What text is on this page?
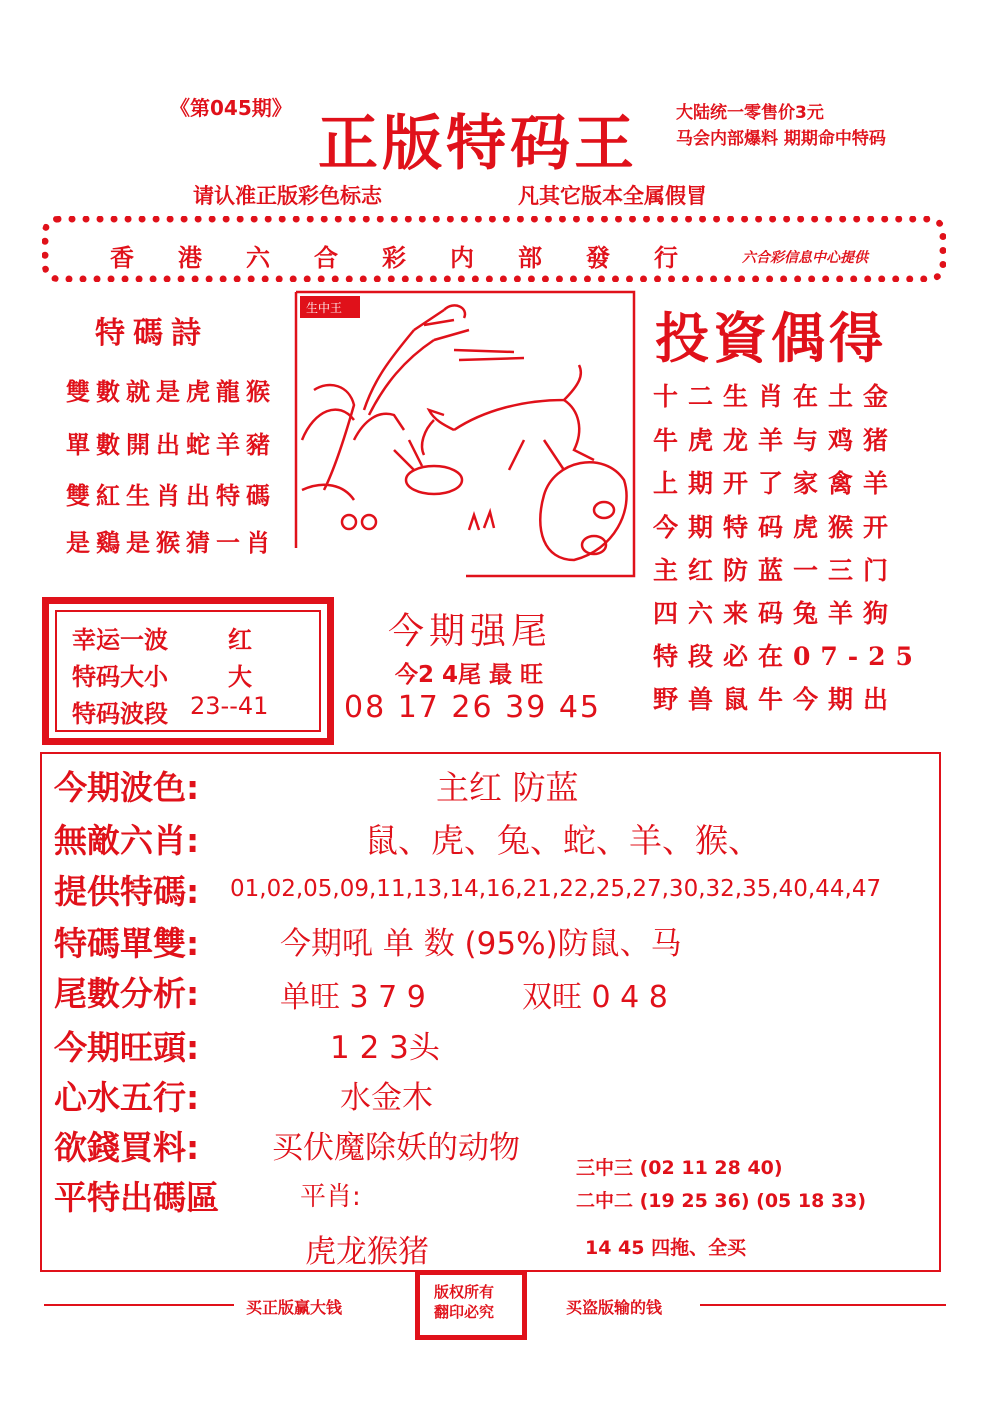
《第045期》
正版特码王 大陆统一零售价3元
马会内部爆料 期期命中特码
请认准正版彩色标志	凡其它版本全属假冒
香港六合彩内部發行 六合彩信息中心提供
特碼詩
雙數就是虎龍猴
單數開出蛇羊豬
雙紅生肖出特碼
是鷄是猴猜一肖
生中王	投資偶得
十二生肖在土金
牛虎龙羊与鸡猪
上期开了家禽羊
今期特码虎猴开
主红防蓝一三门
四六来码兔羊狗
特段必在07-25
野兽鼠牛今期出
幸运一波	红
特码大小	大
特码波段 23--41
今期强尾
今2 4尾 最 旺
08 17 26 39 45
今期波色:	主红 防蓝
無敵六肖:	鼠、虎、兔、蛇、羊、猴、
提供特碼: 01,02,05,09,11,13,14,16,21,22,25,27,30,32,35,40,44,47
特碼單雙:	今期吼 单 数 (95%)防鼠、马
尾數分析:	单旺 3 7 9	双旺 0 4 8
今期旺頭:	1 2 3头
心水五行:	水金木
欲錢買料: 买伏魔除妖的动物
平特出碼區	平肖:
虎龙猴猪
三中三 (02 11 28 40)
二中二 (19 25 36) (05 18 33)
14 45 四拖、全买
买正版赢大钱
版权所有
翻印必究	买盗版输的钱
